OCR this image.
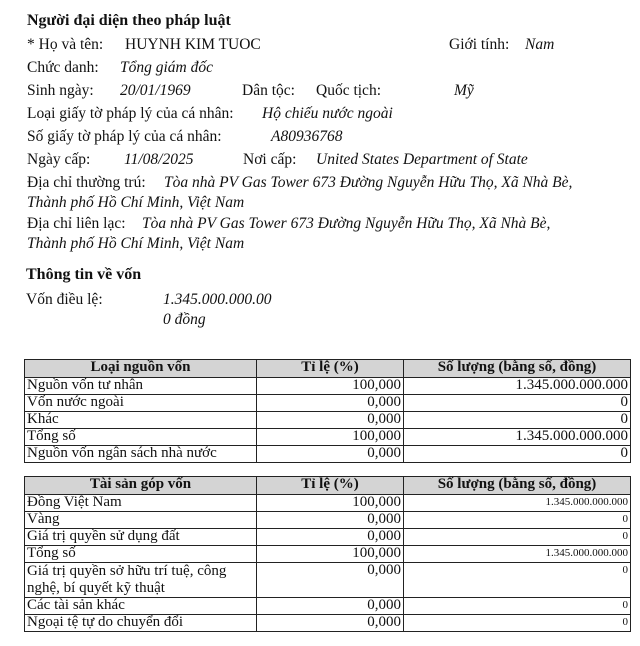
Người đại diện theo pháp luật
* Họ và tên: HUYNH KIM TUOC	Giới tính: Nam
Chức danh: Tổng giám đốc
Sinh ngày: 20/01/1969	Dân tộc: Quốc tịch:	Mỹ
Loại giấy tờ pháp lý của cá nhân: Hộ chiếu nước ngoài
Số giấy tờ pháp lý của cá nhân:	A80936768
Ngày cấp: 11/08/2025	Nơi cấp: United States Department of State
Địa chỉ thường trú: Tòa nhà PV Gas Tower 673 Đường Nguyễn Hữu Thọ, Xã Nhà Bè,
Thành phố Hồ Chí Minh, Việt Nam
Địa chỉ liên lạc: Tòa nhà PV Gas Tower 673 Đường Nguyễn Hữu Thọ, Xã Nhà Bè,
Thành phố Hồ Chí Minh, Việt Nam
Thông tin về vốn
Vốn điều lệ:	1.345.000.000.00
0 đồng
Loại nguồn vốn	Tỉ lệ (%)	Số lượng (bằng số, đồng)
Nguồn vốn tư nhân	100,000	1.345.000.000.000
Vốn nước ngoài	0,000	0
Khác	0,000	0
Tổng số	100,000	1.345.000.000.000
Nguồn vốn ngân sách nhà nước	0,000	0
Tài sản góp vốn	Tỉ lệ (%)	Số lượng (bằng số, đồng)
Đồng Việt Nam	100,000	1.345.000.000.000
Vàng	0,000	0
Giá trị quyền sử dụng đất	0,000	0
Tổng số	100,000	1.345.000.000.000
Giá trị quyền sở hữu trí tuệ, công nghệ, bí quyết kỹ thuật	0,000	0
Các tài sản khác	0,000	0
Ngoại tệ tự do chuyển đổi	0,000	0
